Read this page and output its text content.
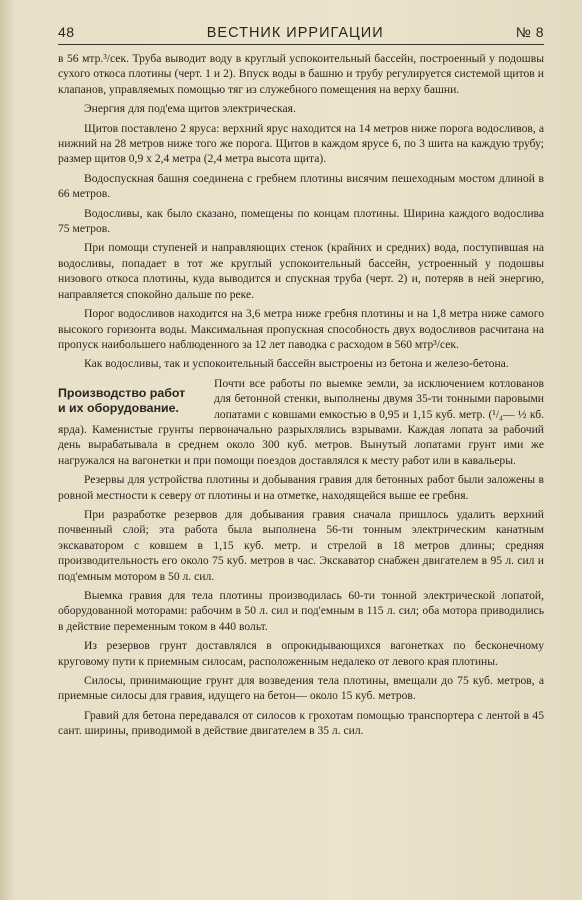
48	ВЕСТНИК ИРРИГАЦИИ	№ 8

в 56 мтр.³/сек. Труба выводит воду в круглый успокоительный бассейн, построенный у подошвы сухого откоса плотины (черт. 1 и 2). Впуск воды в башню и трубу регулируется системой щитов и клапанов, управляемых помощью тяг из служебного помещения на верху башни.

Энергия для под'ема щитов электрическая.

Щитов поставлено 2 яруса: верхний ярус находится на 14 метров ниже порога водосливов, а нижний на 28 метров ниже того же порога. Щитов в каждом ярусе 6, по 3 шита на каждую трубу; размер щитов 0,9 х 2,4 метра (2,4 метра высота щита).

Водоспускная башня соединена с гребнем плотины висячим пешеходным мостом длиной в 66 метров.

Водосливы, как было сказано, помещены по концам плотины. Ширина каждого водослива 75 метров.

При помощи ступеней и направляющих стенок (крайних и средних) вода, поступившая на водосливы, попадает в тот же круглый успокоительный бассейн, устроенный у подошвы низового откоса плотины, куда выводится и спускная труба (черт. 2) и, потеряв в ней энергию, направляется спокойно дальше по реке.

Порог водосливов находится на 3,6 метра ниже гребня плотины и на 1,8 метра ниже самого высокого горизонта воды. Максимальная пропускная способность двух водосливов расчитана на пропуск наибольшего наблюденного за 12 лет паводка с расходом в 560 мтр³/сек.

Как водосливы, так и успокоительный бассейн выстроены из бетона и железо-бетона.

Производство работ
и их оборудование.

Почти все работы по выемке земли, за исключением котлованов для бетонной стенки, выполнены двумя 35-ти тонными паровыми лопатами с ковшами емкостью в 0,95 и 1,15 куб. метр. (¹/₄— ½ кб. ярда). Каменистые грунты первоначально разрыхлялись взрывами. Каждая лопата за рабочий день вырабатывала в среднем около 300 куб. метров. Вынутый лопатами грунт ими же нагружался на вагонетки и при помощи поездов доставлялся к месту работ или в кавальеры.

Резервы для устройства плотины и добывания гравия для бетонных работ были заложены в ровной местности к северу от плотины и на отметке, находящейся выше ее гребня.

При разработке резервов для добывания гравия сначала пришлось удалить верхний почвенный слой; эта работа была выполнена 56-ти тонным электрическим канатным экскаватором с ковшем в 1,15 куб. метр. и стрелой в 18 метров длины; средняя производительность его около 75 куб. метров в час. Экскаватор снабжен двигателем в 95 л. сил и под'емным мотором в 50 л. сил.

Выемка гравия для тела плотины производилась 60-ти тонной электрической лопатой, оборудованной моторами: рабочим в 50 л. сил и под'емным в 115 л. сил; оба мотора приводились в действие переменным током в 440 вольт.

Из резервов грунт доставлялся в опрокидывающихся вагонетках по бесконечному круговому пути к приемным силосам, расположенным недалеко от левого края плотины.

Силосы, принимающие грунт для возведения тела плотины, вмещали до 75 куб. метров, а приемные силосы для гравия, идущего на бетон— около 15 куб. метров.

Гравий для бетона передавался от силосов к грохотам помощью транспортера с лентой в 45 сант. ширины, приводимой в действие двигателем в 35 л. сил.
